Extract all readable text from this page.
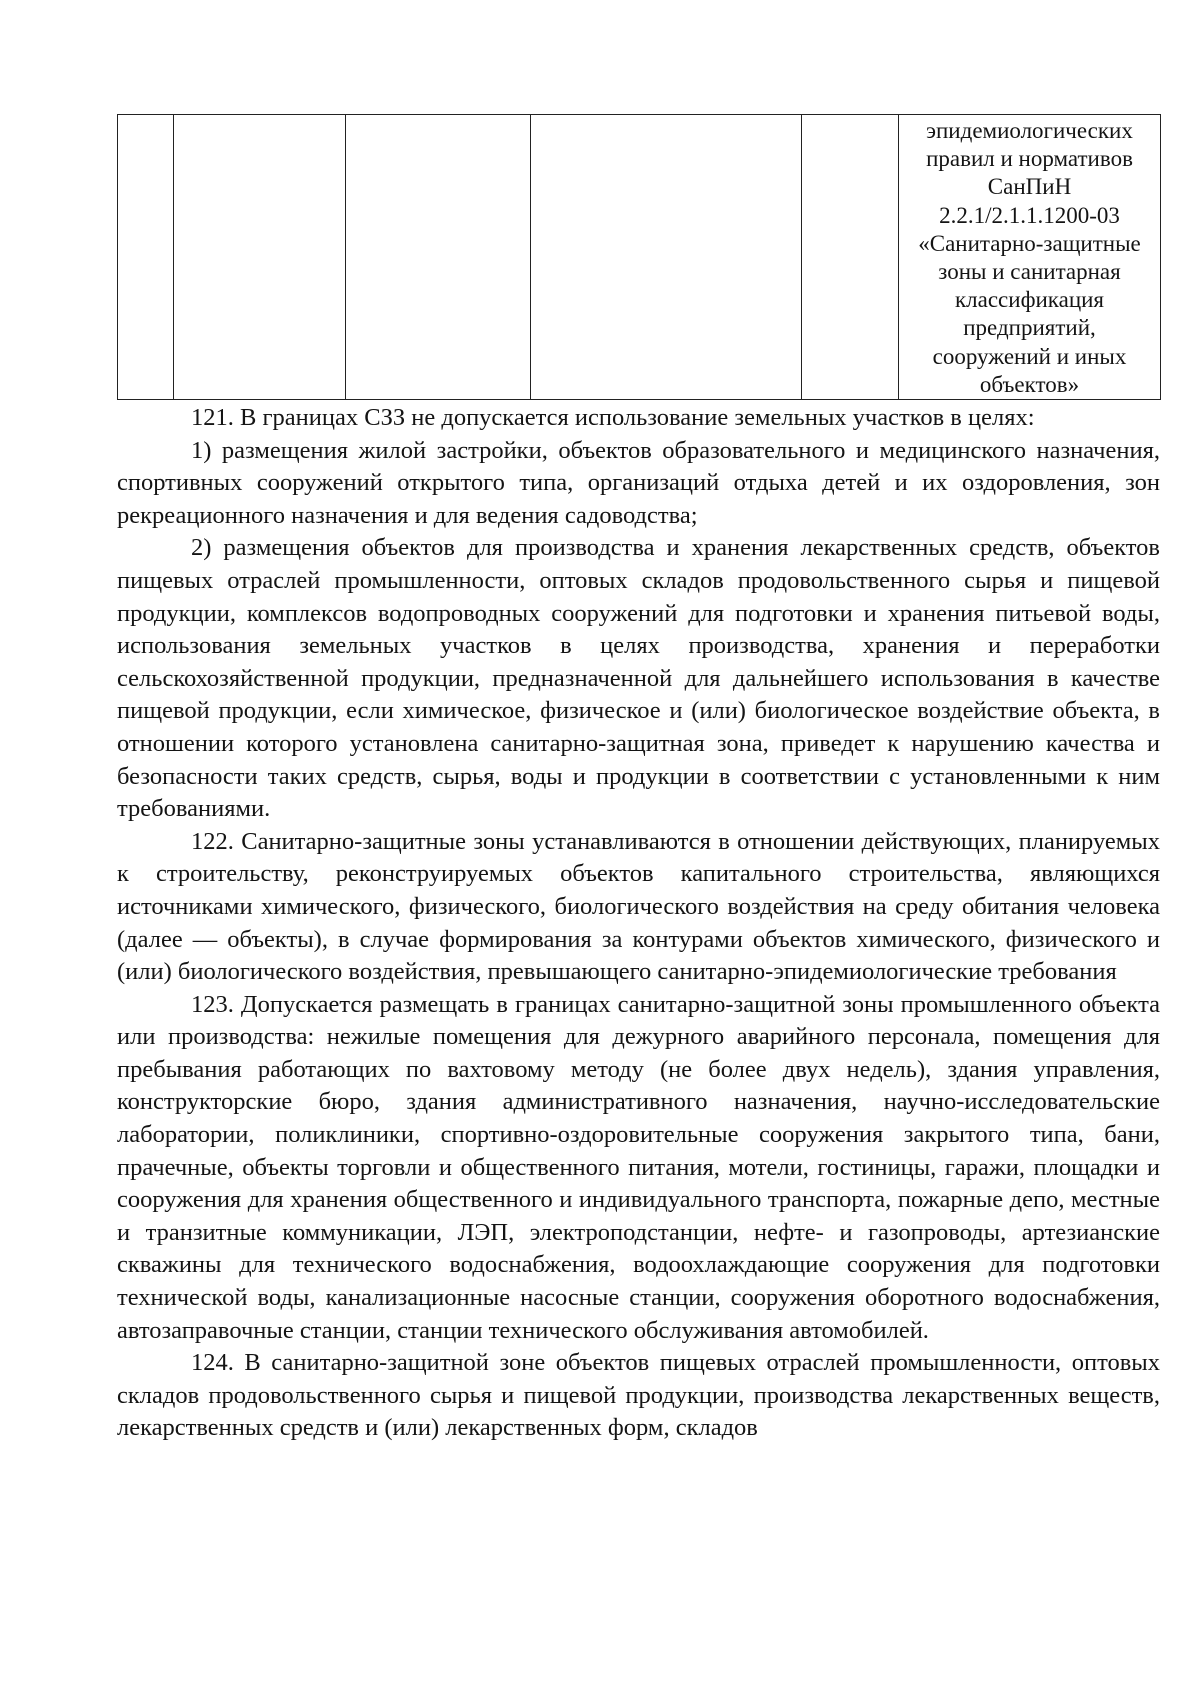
эпидемиологических
правил и нормативов
СанПиН
2.2.1/2.1.1.1200-03
«Санитарно-защитные
зоны и санитарная
классификация
предприятий,
сооружений и иных
объектов»

121. В границах СЗЗ не допускается использование земельных участков в целях:

1) размещения жилой застройки, объектов образовательного и медицинского назначения, спортивных сооружений открытого типа, организаций отдыха детей и их оздоровления, зон рекреационного назначения и для ведения садоводства;

2) размещения объектов для производства и хранения лекарственных средств, объектов пищевых отраслей промышленности, оптовых складов продовольственного сырья и пищевой продукции, комплексов водопроводных сооружений для подготовки и хранения питьевой воды, использования земельных участков в целях производства, хранения и переработки сельскохозяйственной продукции, предназначенной для дальнейшего использования в качестве пищевой продукции, если химическое, физическое и (или) биологическое воздействие объекта, в отношении которого установлена санитарно-защитная зона, приведет к нарушению качества и безопасности таких средств, сырья, воды и продукции в соответствии с установленными к ним требованиями.

122. Санитарно-защитные зоны устанавливаются в отношении действующих, планируемых к строительству, реконструируемых объектов капитального строительства, являющихся источниками химического, физического, биологического воздействия на среду обитания человека (далее — объекты), в случае формирования за контурами объектов химического, физического и (или) биологического воздействия, превышающего санитарно-эпидемиологические требования

123. Допускается размещать в границах санитарно-защитной зоны промышленного объекта или производства: нежилые помещения для дежурного аварийного персонала, помещения для пребывания работающих по вахтовому методу (не более двух недель), здания управления, конструкторские бюро, здания административного назначения, научно-исследовательские лаборатории, поликлиники, спортивно-оздоровительные сооружения закрытого типа, бани, прачечные, объекты торговли и общественного питания, мотели, гостиницы, гаражи, площадки и сооружения для хранения общественного и индивидуального транспорта, пожарные депо, местные и транзитные коммуникации, ЛЭП, электроподстанции, нефте- и газопроводы, артезианские скважины для технического водоснабжения, водоохлаждающие сооружения для подготовки технической воды, канализационные насосные станции, сооружения оборотного водоснабжения, автозаправочные станции, станции технического обслуживания автомобилей.

124. В санитарно-защитной зоне объектов пищевых отраслей промышленности, оптовых складов продовольственного сырья и пищевой продукции, производства лекарственных веществ, лекарственных средств и (или) лекарственных форм, складов
